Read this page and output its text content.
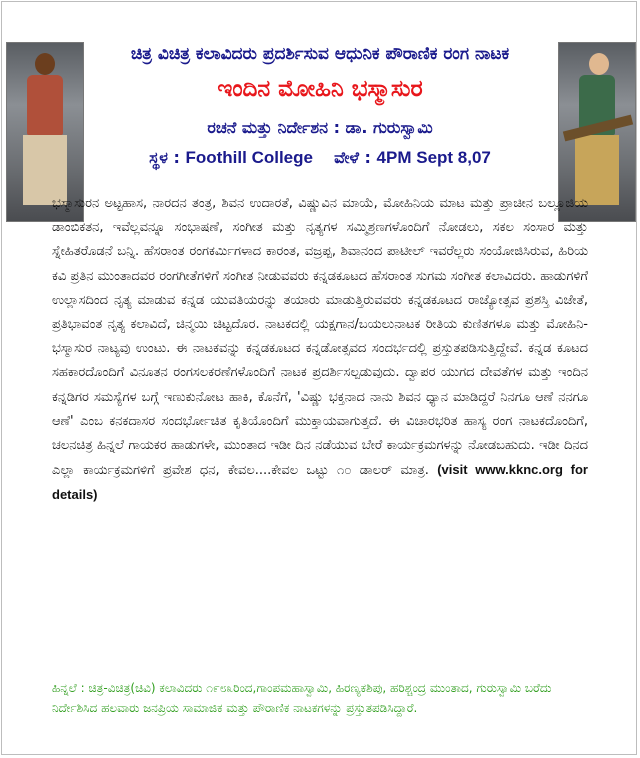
ಚಿತ್ರ ವಿಚಿತ್ರ ಕಲಾವಿದರು ಪ್ರದರ್ಶಿಸುವ ಆಧುನಿಕ ಪೌರಾಣಿಕ ರಂಗ ನಾಟಕ
ಇಂದಿನ ಮೋಹಿನಿ ಭಸ್ಮಾಸುರ
ರಚನೆ ಮತ್ತು ನಿರ್ದೇಶನ : ಡಾ. ಗುರುಸ್ವಾಮಿ
ಸ್ಥಳ : Foothill College ವೇಳೆ : 4PM Sept 8,07
ಭಸ್ಮಾಸುರನ ಅಟ್ಟಹಾಸ, ನಾರದನ ತಂತ್ರ, ಶಿವನ ಉದಾರತೆ, ವಿಷ್ಣುವಿನ ಮಾಯೆ, ಮೋಹಿನಿಯ ಮಾಟ ಮತ್ತು ಪ್ರಾಚೀನ ಬಲ್ಲೂಜಿಯ ಡಾಂಬಿಕತನ, ಇವೆಲ್ಲವನ್ನೂ ಸಂಭಾಷಣೆ, ಸಂಗೀತ ಮತ್ತು ನೃತ್ಯಗಳ ಸಮ್ಮಿಶ್ರಣಗಳೊಂದಿಗೆ ನೋಡಲು, ಸಕಲ ಸಂಸಾರ ಮತ್ತು ಸ್ನೇಹಿತರೊಡನೆ ಬನ್ನಿ. ಹೆಸರಾಂತ ರಂಗಕರ್ಮಿಗಳಾದ ಕಾರಂತ, ವಜ್ರಪ್ಪ, ಶಿವಾನಂದ ಪಾಟೀಲ್ ಇವರೆಲ್ಲರು ಸಂಯೋಜಿಸಿರುವ, ಹಿರಿಯ ಕವಿ ಪ್ರತಿನ ಮುಂತಾದವರ ರಂಗಗೀತೆಗಳಿಗೆ ಸಂಗೀತ ನೀಡುವವರು ಕನ್ನಡಕೂಟದ ಹೆಸರಾಂತ ಸುಗಮ ಸಂಗೀತ ಕಲಾವಿದರು. ಹಾಡುಗಳಿಗೆ ಉಲ್ಲಾಸದಿಂದ ನೃತ್ಯ ಮಾಡುವ ಕನ್ನಡ ಯುವತಿಯರನ್ನು ತಯಾರು ಮಾಡುತ್ತಿರುವವರು ಕನ್ನಡಕೂಟದ ರಾಜ್ಯೋತ್ಸವ ಪ್ರಶಸ್ತಿ ವಿಜೇತೆ, ಪ್ರತಿಭಾವಂತ ನೃತ್ಯ ಕಲಾವಿದೆ, ಚಿನ್ಮಯಿ ಚಿಟ್ಟದೊರ. ನಾಟಕದಲ್ಲಿ ಯಕ್ಷಗಾನ/ಬಯಲುನಾಟಕ ರೀತಿಯ ಕುಣಿತಗಳೂ ಮತ್ತು ಮೋಹಿನಿ-ಭಸ್ಮಾಸುರ ನಾಟ್ಯವು ಉಂಟು. ಈ ನಾಟಕವನ್ನು ಕನ್ನಡಕೂಟದ ಕನ್ನಡೋತ್ಸವದ ಸಂದರ್ಭದಲ್ಲಿ ಪ್ರಸ್ತುತಪಡಿಸುತ್ತಿದ್ದೇವೆ. ಕನ್ನಡ ಕೂಟದ ಸಹಕಾರದೊಂದಿಗೆ ವಿನೂತನ ರಂಗಸಲಕರಣೆಗಳೊಂದಿಗೆ ನಾಟಕ ಪ್ರದರ್ಶಿಸಲ್ಪಡುವುದು. ದ್ವಾಪರ ಯುಗದ ದೇವತೆಗಳ ಮತ್ತು ಇಂದಿನ ಕನ್ನಡಿಗರ ಸಮಸ್ಯೆಗಳ ಬಗ್ಗೆ ಇಣುಕುನೋಟ ಹಾಕಿ, ಕೊನೆಗೆ, 'ವಿಷ್ಣು ಭಕ್ತನಾದ ನಾನು ಶಿವನ ಧ್ಯಾನ ಮಾಡಿದ್ದರೆ ನಿನಗೂ ಆಣೆ ನನಗೂ ಆಣೆ' ಎಂಬ ಕನಕದಾಸರ ಸಂದರ್ಭೋಚಿತ ಕೃತಿಯೊಂದಿಗೆ ಮುಕ್ತಾಯವಾಗುತ್ತದೆ. ಈ ವಿಚಾರಭರಿತ ಹಾಸ್ಯ ರಂಗ ನಾಟಕದೊಂದಿಗೆ, ಚಲನಚಿತ್ರ ಹಿನ್ನಲೆ ಗಾಯಕರ ಹಾಡುಗಳೇ, ಮುಂತಾದ ಇಡೀ ದಿನ ನಡೆಯುವ ಬೇರೆ ಕಾರ್ಯಕ್ರಮಗಳನ್ನು ನೋಡಬಹುದು. ಇಡೀ ದಿನದ ಎಲ್ಲಾ ಕಾರ್ಯಕ್ರಮಗಳಿಗೆ ಪ್ರವೇಶ ಧನ, ಕೇವಲ....ಕೇವಲ ಒಟ್ಟು ೧೦ ಡಾಲರ್ ಮಾತ್ರ. (visit www.kknc.org for details)
ಹಿನ್ನಲೆ : ಚಿತ್ರ-ವಿಚಿತ್ರ(ಚಿವಿ) ಕಲಾವಿದರು ೧೯೮೩ರಿಂದ,ಗಾಂಪಮಹಾಸ್ವಾಮಿ, ಹಿರಣ್ಯಕಶಿಪು, ಹರಿಶ್ಚಂದ್ರ ಮುಂತಾದ, ಗುರುಸ್ವಾಮಿ ಬರೆದು ನಿರ್ದೇಶಿಸಿದ ಹಲವಾರು ಜನಪ್ರಿಯ ಸಾಮಾಜಿಕ ಮತ್ತು ಪೌರಾಣಿಕ ನಾಟಕಗಳನ್ನು ಪ್ರಸ್ತುತಪಡಿಸಿದ್ದಾರೆ.
